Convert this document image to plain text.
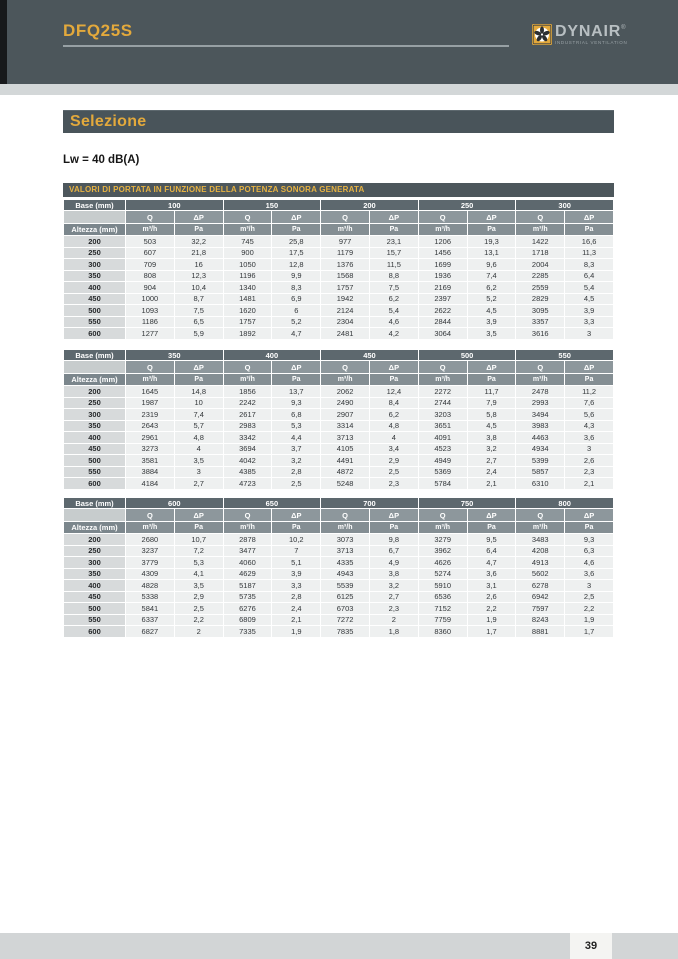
DFQ25S	DYNAIR ®
INDUSTRIAL VENTILATION
Selezione
Lw = 40 dB(A)
VALORI DI PORTATA IN FUNZIONE DELLA POTENZA SONORA GENERATA
Base (mm)	100		150		200		250		300	
	Q	ΔP	Q	ΔP	Q	ΔP	Q	ΔP	Q	ΔP
Altezza (mm)	m³/h	Pa	m³/h	Pa	m³/h	Pa	m³/h	Pa	m³/h	Pa
200	503	32,2	745	25,8	977	23,1	1206	19,3	1422	16,6
250	607	21,8	900	17,5	1179	15,7	1456	13,1	1718	11,3
300	709	16	1050	12,8	1376	11,5	1699	9,6	2004	8,3
350	808	12,3	1196	9,9	1568	8,8	1936	7,4	2285	6,4
400	904	10,4	1340	8,3	1757	7,5	2169	6,2	2559	5,4
450	1000	8,7	1481	6,9	1942	6,2	2397	5,2	2829	4,5
500	1093	7,5	1620	6	2124	5,4	2622	4,5	3095	3,9
550	1186	6,5	1757	5,2	2304	4,6	2844	3,9	3357	3,3
600	1277	5,9	1892	4,7	2481	4,2	3064	3,5	3616	3
Base (mm)	350		400		450		500		550	
	Q	ΔP	Q	ΔP	Q	ΔP	Q	ΔP	Q	ΔP
Altezza (mm)	m³/h	Pa	m³/h	Pa	m³/h	Pa	m³/h	Pa	m³/h	Pa
200	1645	14,8	1856	13,7	2062	12,4	2272	11,7	2478	11,2
250	1987	10	2242	9,3	2490	8,4	2744	7,9	2993	7,6
300	2319	7,4	2617	6,8	2907	6,2	3203	5,8	3494	5,6
350	2643	5,7	2983	5,3	3314	4,8	3651	4,5	3983	4,3
400	2961	4,8	3342	4,4	3713	4	4091	3,8	4463	3,6
450	3273	4	3694	3,7	4105	3,4	4523	3,2	4934	3
500	3581	3,5	4042	3,2	4491	2,9	4949	2,7	5399	2,6
550	3884	3	4385	2,8	4872	2,5	5369	2,4	5857	2,3
600	4184	2,7	4723	2,5	5248	2,3	5784	2,1	6310	2,1
Base (mm)	600		650		700		750		800	
	Q	ΔP	Q	ΔP	Q	ΔP	Q	ΔP	Q	ΔP
Altezza (mm)	m³/h	Pa	m³/h	Pa	m³/h	Pa	m³/h	Pa	m³/h	Pa
200	2680	10,7	2878	10,2	3073	9,8	3279	9,5	3483	9,3
250	3237	7,2	3477	7	3713	6,7	3962	6,4	4208	6,3
300	3779	5,3	4060	5,1	4335	4,9	4626	4,7	4913	4,6
350	4309	4,1	4629	3,9	4943	3,8	5274	3,6	5602	3,6
400	4828	3,5	5187	3,3	5539	3,2	5910	3,1	6278	3
450	5338	2,9	5735	2,8	6125	2,7	6536	2,6	6942	2,5
500	5841	2,5	6276	2,4	6703	2,3	7152	2,2	7597	2,2
550	6337	2,2	6809	2,1	7272	2	7759	1,9	8243	1,9
600	6827	2	7335	1,9	7835	1,8	8360	1,7	8881	1,7
39
